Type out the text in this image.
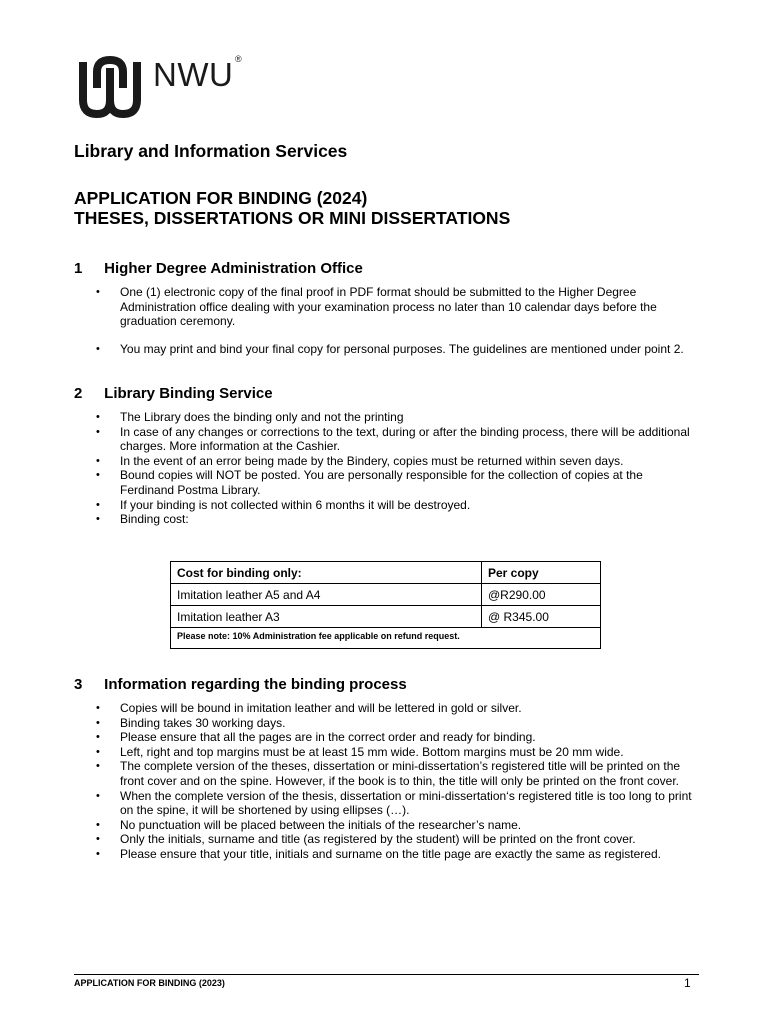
NWU ®
Library and Information Services
APPLICATION FOR BINDING (2024)
THESES, DISSERTATIONS OR MINI DISSERTATIONS
1 Higher Degree Administration Office
• One (1) electronic copy of the final proof in PDF format should be submitted to the Higher Degree Administration office dealing with your examination process no later than 10 calendar days before the graduation ceremony.
• You may print and bind your final copy for personal purposes. The guidelines are mentioned under point 2.
2 Library Binding Service
• The Library does the binding only and not the printing
• In case of any changes or corrections to the text, during or after the binding process, there will be additional charges. More information at the Cashier.
• In the event of an error being made by the Bindery, copies must be returned within seven days.
• Bound copies will NOT be posted. You are personally responsible for the collection of copies at the Ferdinand Postma Library.
• If your binding is not collected within 6 months it will be destroyed.
• Binding cost:
Cost for binding only:	Per copy
Imitation leather A5 and A4	@R290.00
Imitation leather A3	@ R345.00
Please note: 10% Administration fee applicable on refund request.	
3 Information regarding the binding process
• Copies will be bound in imitation leather and will be lettered in gold or silver.
• Binding takes 30 working days.
• Please ensure that all the pages are in the correct order and ready for binding.
• Left, right and top margins must be at least 15 mm wide. Bottom margins must be 20 mm wide.
• The complete version of the theses, dissertation or mini-dissertation’s registered title will be printed on the front cover and on the spine. However, if the book is to thin, the title will only be printed on the front cover.
• When the complete version of the thesis, dissertation or mini-dissertation‘s registered title is too long to print on the spine, it will be shortened by using ellipses (…).
• No punctuation will be placed between the initials of the researcher’s name.
• Only the initials, surname and title (as registered by the student) will be printed on the front cover.
• Please ensure that your title, initials and surname on the title page are exactly the same as registered.
APPLICATION FOR BINDING (2023)	1
